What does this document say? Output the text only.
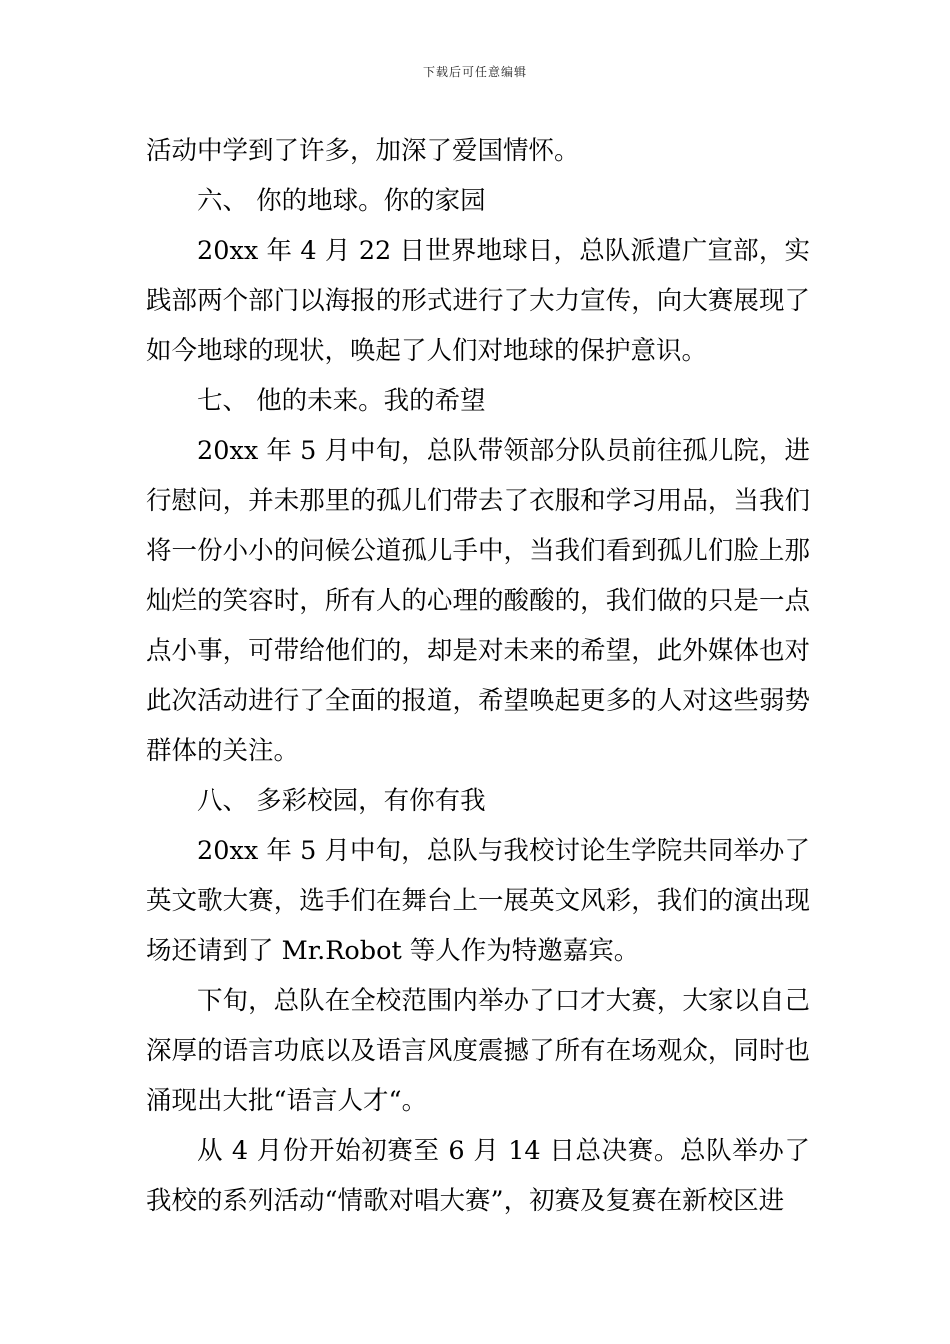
下载后可任意编辑

活动中学到了许多，加深了爱国情怀。

六、 你的地球。你的家园

20xx 年 4 月 22 日世界地球日，总队派遣广宣部，实践部两个部门以海报的形式进行了大力宣传，向大赛展现了如今地球的现状，唤起了人们对地球的保护意识。

七、 他的未来。我的希望

20xx 年 5 月中旬，总队带领部分队员前往孤儿院，进行慰问，并未那里的孤儿们带去了衣服和学习用品，当我们将一份小小的问候公道孤儿手中，当我们看到孤儿们脸上那灿烂的笑容时，所有人的心理的酸酸的，我们做的只是一点点小事，可带给他们的，却是对未来的希望，此外媒体也对此次活动进行了全面的报道，希望唤起更多的人对这些弱势群体的关注。

八、 多彩校园，有你有我

20xx 年 5 月中旬，总队与我校讨论生学院共同举办了英文歌大赛，选手们在舞台上一展英文风彩，我们的演出现场还请到了 Mr.Robot 等人作为特邀嘉宾。

下旬，总队在全校范围内举办了口才大赛，大家以自己深厚的语言功底以及语言风度震撼了所有在场观众，同时也涌现出大批“语言人才“。

从 4 月份开始初赛至 6 月 14 日总决赛。总队举办了我校的系列活动“情歌对唱大赛”，初赛及复赛在新校区进
